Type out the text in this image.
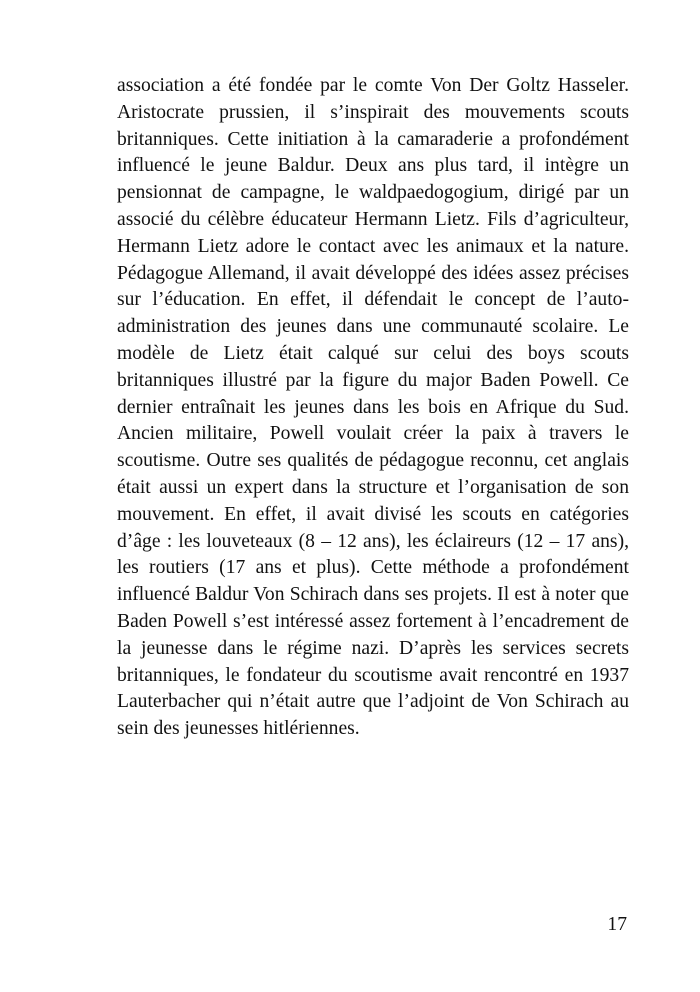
association a été fondée par le comte Von Der Goltz Hasseler.
Aristocrate prussien, il s’inspirait des mouvements scouts
britanniques. Cette initiation à la camaraderie a profondément
influencé le jeune Baldur. Deux ans plus tard, il intègre un
pensionnat de campagne, le waldpaedogogium, dirigé par un
associé du célèbre éducateur Hermann Lietz. Fils d’agriculteur,
Hermann Lietz adore le contact avec les animaux et la nature.
Pédagogue Allemand, il avait développé des idées assez précises
sur l’éducation. En effet, il défendait le concept de l’auto-
administration des jeunes dans une communauté scolaire. Le
modèle de Lietz était calqué sur celui des boys scouts
britanniques illustré par la figure du major Baden Powell. Ce
dernier entraînait les jeunes dans les bois en Afrique du Sud.
Ancien militaire, Powell voulait créer la paix à travers le
scoutisme. Outre ses qualités de pédagogue reconnu, cet anglais
était aussi un expert dans la structure et l’organisation de son
mouvement. En effet, il avait divisé les scouts en catégories
d’âge : les louveteaux (8 – 12 ans), les éclaireurs (12 – 17 ans),
les routiers (17 ans et plus). Cette méthode a profondément
influencé Baldur Von Schirach dans ses projets. Il est à noter que
Baden Powell s’est intéressé assez fortement à l’encadrement de
la jeunesse dans le régime nazi. D’après les services secrets
britanniques, le fondateur du scoutisme avait rencontré en 1937
Lauterbacher qui n’était autre que l’adjoint de Von Schirach au
sein des jeunesses hitlériennes.
17
